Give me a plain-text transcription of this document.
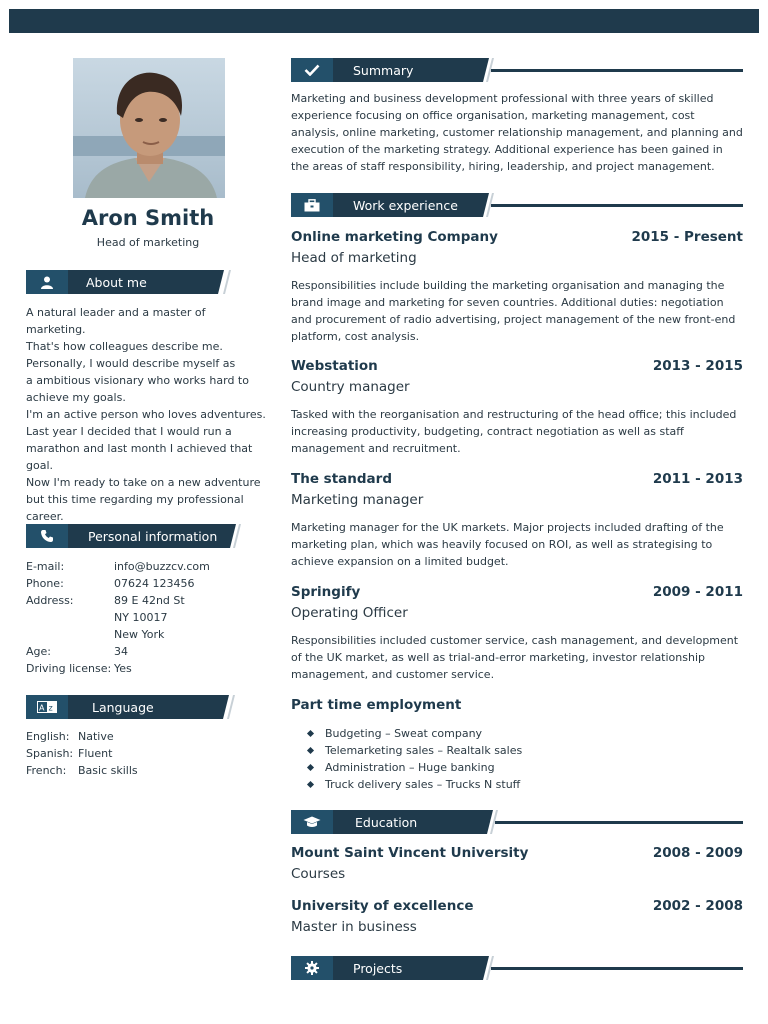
Aron Smith
Head of marketing
About me

A natural leader and a master of marketing.

That's how colleagues describe me.

Personally, I would describe myself as

a ambitious visionary who works hard to

achieve my goals.

I'm an active person who loves adventures.

Last year I decided that I would run a

marathon and last month I achieved that

goal.

Now I'm ready to take on a new adventure

but this time regarding my professional

career.

Personal information
E-mail:	info@buzzcv.com
Phone:	07624 123456
Address:	89 E 42nd St
NY 10017
New York
Age:	34
Driving license: Yes
A z	Language
English: Native
Spanish: Fluent
French:	Basic skills
Summary

Marketing and business development professional with three years of skilled experience focusing on office organisation, marketing management, cost analysis, online marketing, customer relationship management, and planning and execution of the marketing strategy. Additional experience has been gained in the areas of staff responsibility, hiring, leadership, and project management.

Work experience
Online marketing Company	2015 - Present
Head of marketing

Responsibilities include building the marketing organisation and managing the brand image and marketing for seven countries. Additional duties: negotiation and procurement of radio advertising, project management of the new front-end platform, cost analysis.

Webstation	2013 - 2015
Country manager

Tasked with the reorganisation and restructuring of the head office; this included increasing productivity, budgeting, contract negotiation as well as staff management and recruitment.

The standard	2011 - 2013
Marketing manager

Marketing manager for the UK markets. Major projects included drafting of the marketing plan, which was heavily focused on ROI, as well as strategising to achieve expansion on a limited budget.

Springify	2009 - 2011
Operating Officer

Responsibilities included customer service, cash management, and development of the UK market, as well as trial-and-error marketing, investor relationship management, and customer service.

Part time employment
Budgeting – Sweat company
Telemarketing sales – Realtalk sales
Administration – Huge banking
Truck delivery sales – Trucks N stuff
Education
Mount Saint Vincent University	2008 - 2009
Courses
University of excellence	2002 - 2008
Master in business
Projects
